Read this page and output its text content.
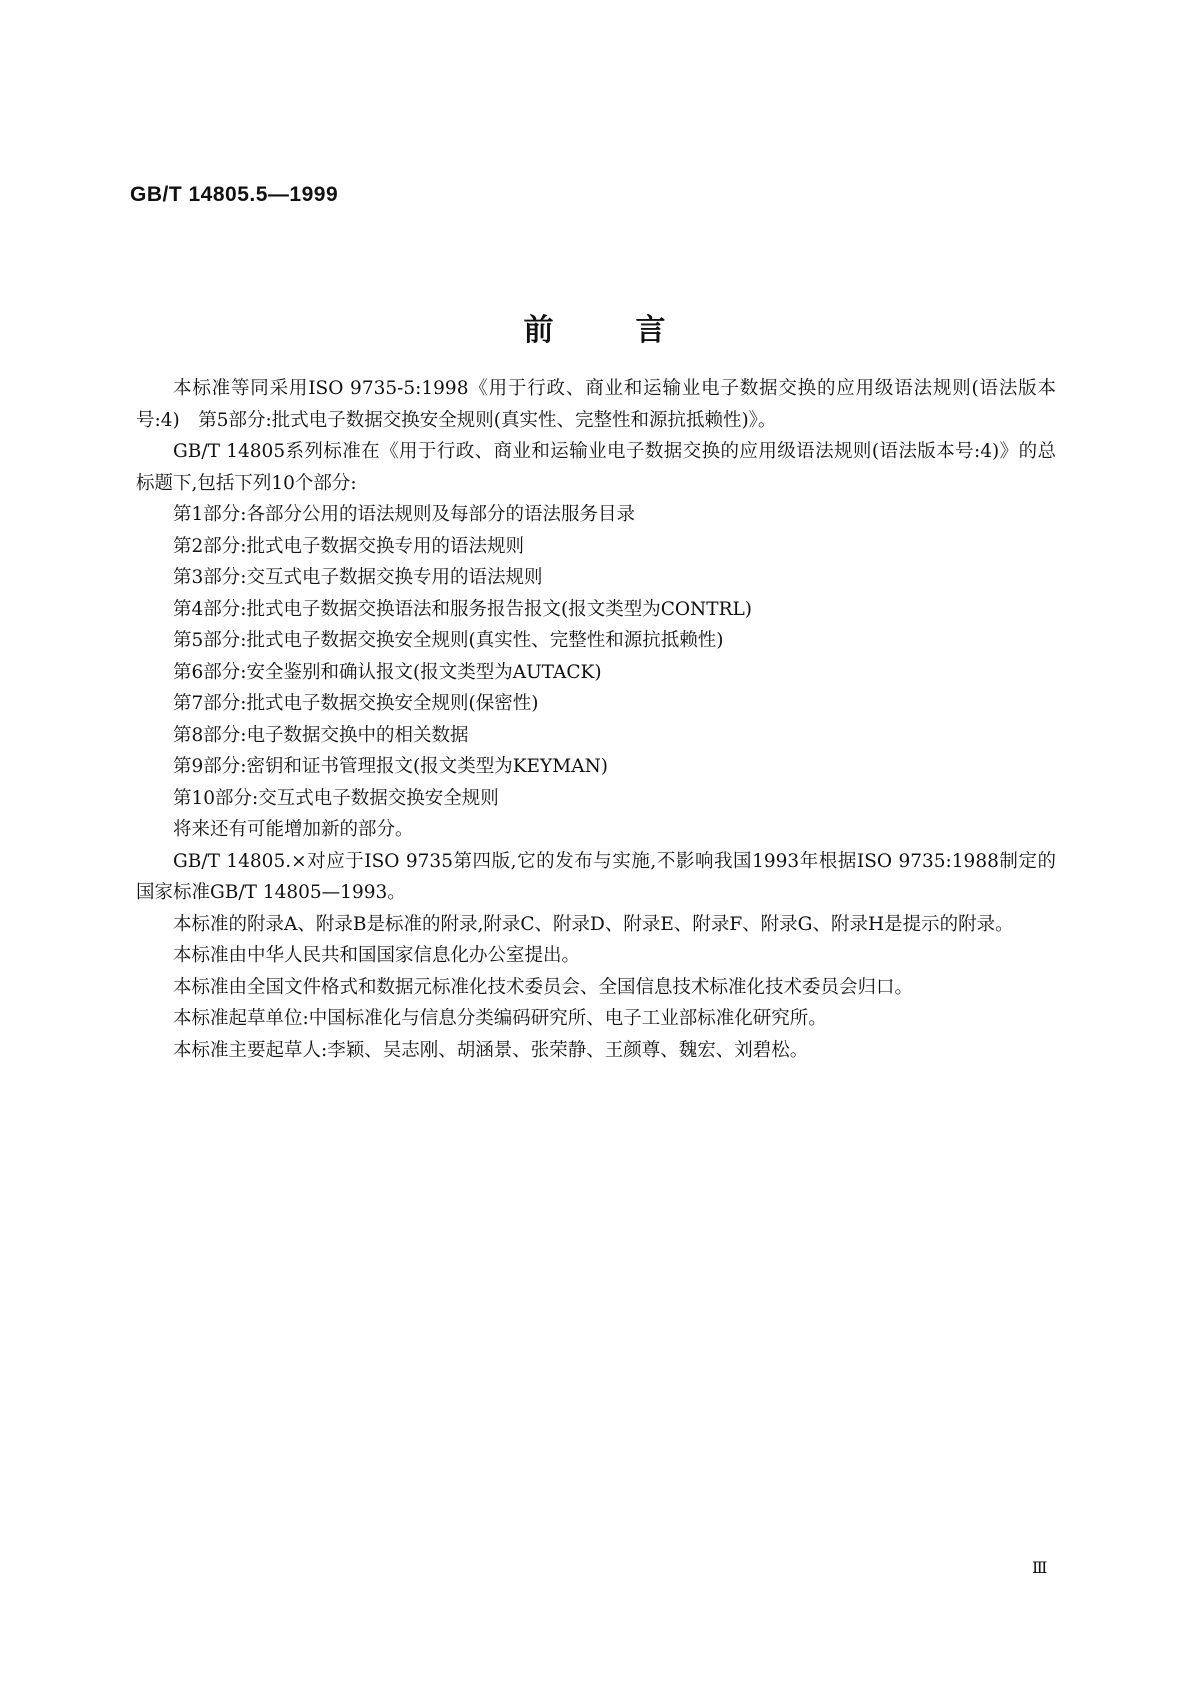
GB/T 14805.5—1999
前	言

本标准等同采用ISO 9735-5:1998《用于行政、商业和运输业电子数据交换的应用级语法规则(语法版本号:4)　第5部分:批式电子数据交换安全规则(真实性、完整性和源抗抵赖性)》。

GB/T 14805系列标准在《用于行政、商业和运输业电子数据交换的应用级语法规则(语法版本号:4)》的总标题下,包括下列10个部分:

第1部分:各部分公用的语法规则及每部分的语法服务目录
第2部分:批式电子数据交换专用的语法规则
第3部分:交互式电子数据交换专用的语法规则
第4部分:批式电子数据交换语法和服务报告报文(报文类型为CONTRL)
第5部分:批式电子数据交换安全规则(真实性、完整性和源抗抵赖性)
第6部分:安全鉴别和确认报文(报文类型为AUTACK)
第7部分:批式电子数据交换安全规则(保密性)
第8部分:电子数据交换中的相关数据
第9部分:密钥和证书管理报文(报文类型为KEYMAN)
第10部分:交互式电子数据交换安全规则
将来还有可能增加新的部分。

GB/T 14805.×对应于ISO 9735第四版,它的发布与实施,不影响我国1993年根据ISO 9735:1988制定的国家标准GB/T 14805—1993。

本标准的附录A、附录B是标准的附录,附录C、附录D、附录E、附录F、附录G、附录H是提示的附录。

本标准由中华人民共和国国家信息化办公室提出。

本标准由全国文件格式和数据元标准化技术委员会、全国信息技术标准化技术委员会归口。

本标准起草单位:中国标准化与信息分类编码研究所、电子工业部标准化研究所。

本标准主要起草人:李颖、吴志刚、胡涵景、张荣静、王颜尊、魏宏、刘碧松。

Ⅲ
